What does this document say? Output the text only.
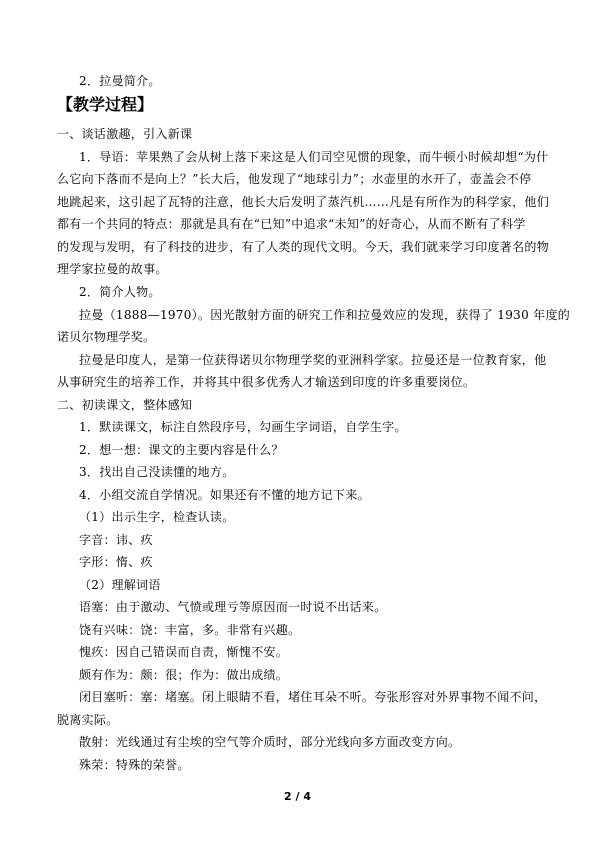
2．拉曼简介。
【教学过程】
一、谈话激趣，引入新课
1．导语：苹果熟了会从树上落下来这是人们司空见惯的现象，而牛顿小时候却想“为什
么它向下落而不是向上？”长大后，他发现了“地球引力”；水壶里的水开了，壶盖会不停
地跳起来，这引起了瓦特的注意，他长大后发明了蒸汽机……凡是有所作为的科学家，他们
都有一个共同的特点：那就是具有在“已知”中追求“未知”的好奇心，从而不断有了科学
的发现与发明，有了科技的进步，有了人类的现代文明。今天，我们就来学习印度著名的物
理学家拉曼的故事。
2．简介人物。
拉曼（1888—1970）。因光散射方面的研究工作和拉曼效应的发现，获得了 1930 年度的
诺贝尔物理学奖。
拉曼是印度人，是第一位获得诺贝尔物理学奖的亚洲科学家。拉曼还是一位教育家，他
从事研究生的培养工作，并将其中很多优秀人才输送到印度的许多重要岗位。
二、初读课文，整体感知
1．默读课文，标注自然段序号，勾画生字词语，自学生字。
2．想一想：课文的主要内容是什么？
3．找出自己没读懂的地方。
4．小组交流自学情况。如果还有不懂的地方记下来。
（1）出示生字，检查认读。
字音：讳、疚
字形：惰、疚
（2）理解词语
语塞：由于激动、气愤或理亏等原因而一时说不出话来。
饶有兴味：饶：丰富，多。非常有兴趣。
愧疚：因自己错误而自责，惭愧不安。
颇有作为：颇：很；作为：做出成绩。
闭目塞听：塞：堵塞。闭上眼睛不看，堵住耳朵不听。夸张形容对外界事物不闻不问，
脱离实际。
散射：光线通过有尘埃的空气等介质时，部分光线向多方面改变方向。
殊荣：特殊的荣誉。
2 / 4
